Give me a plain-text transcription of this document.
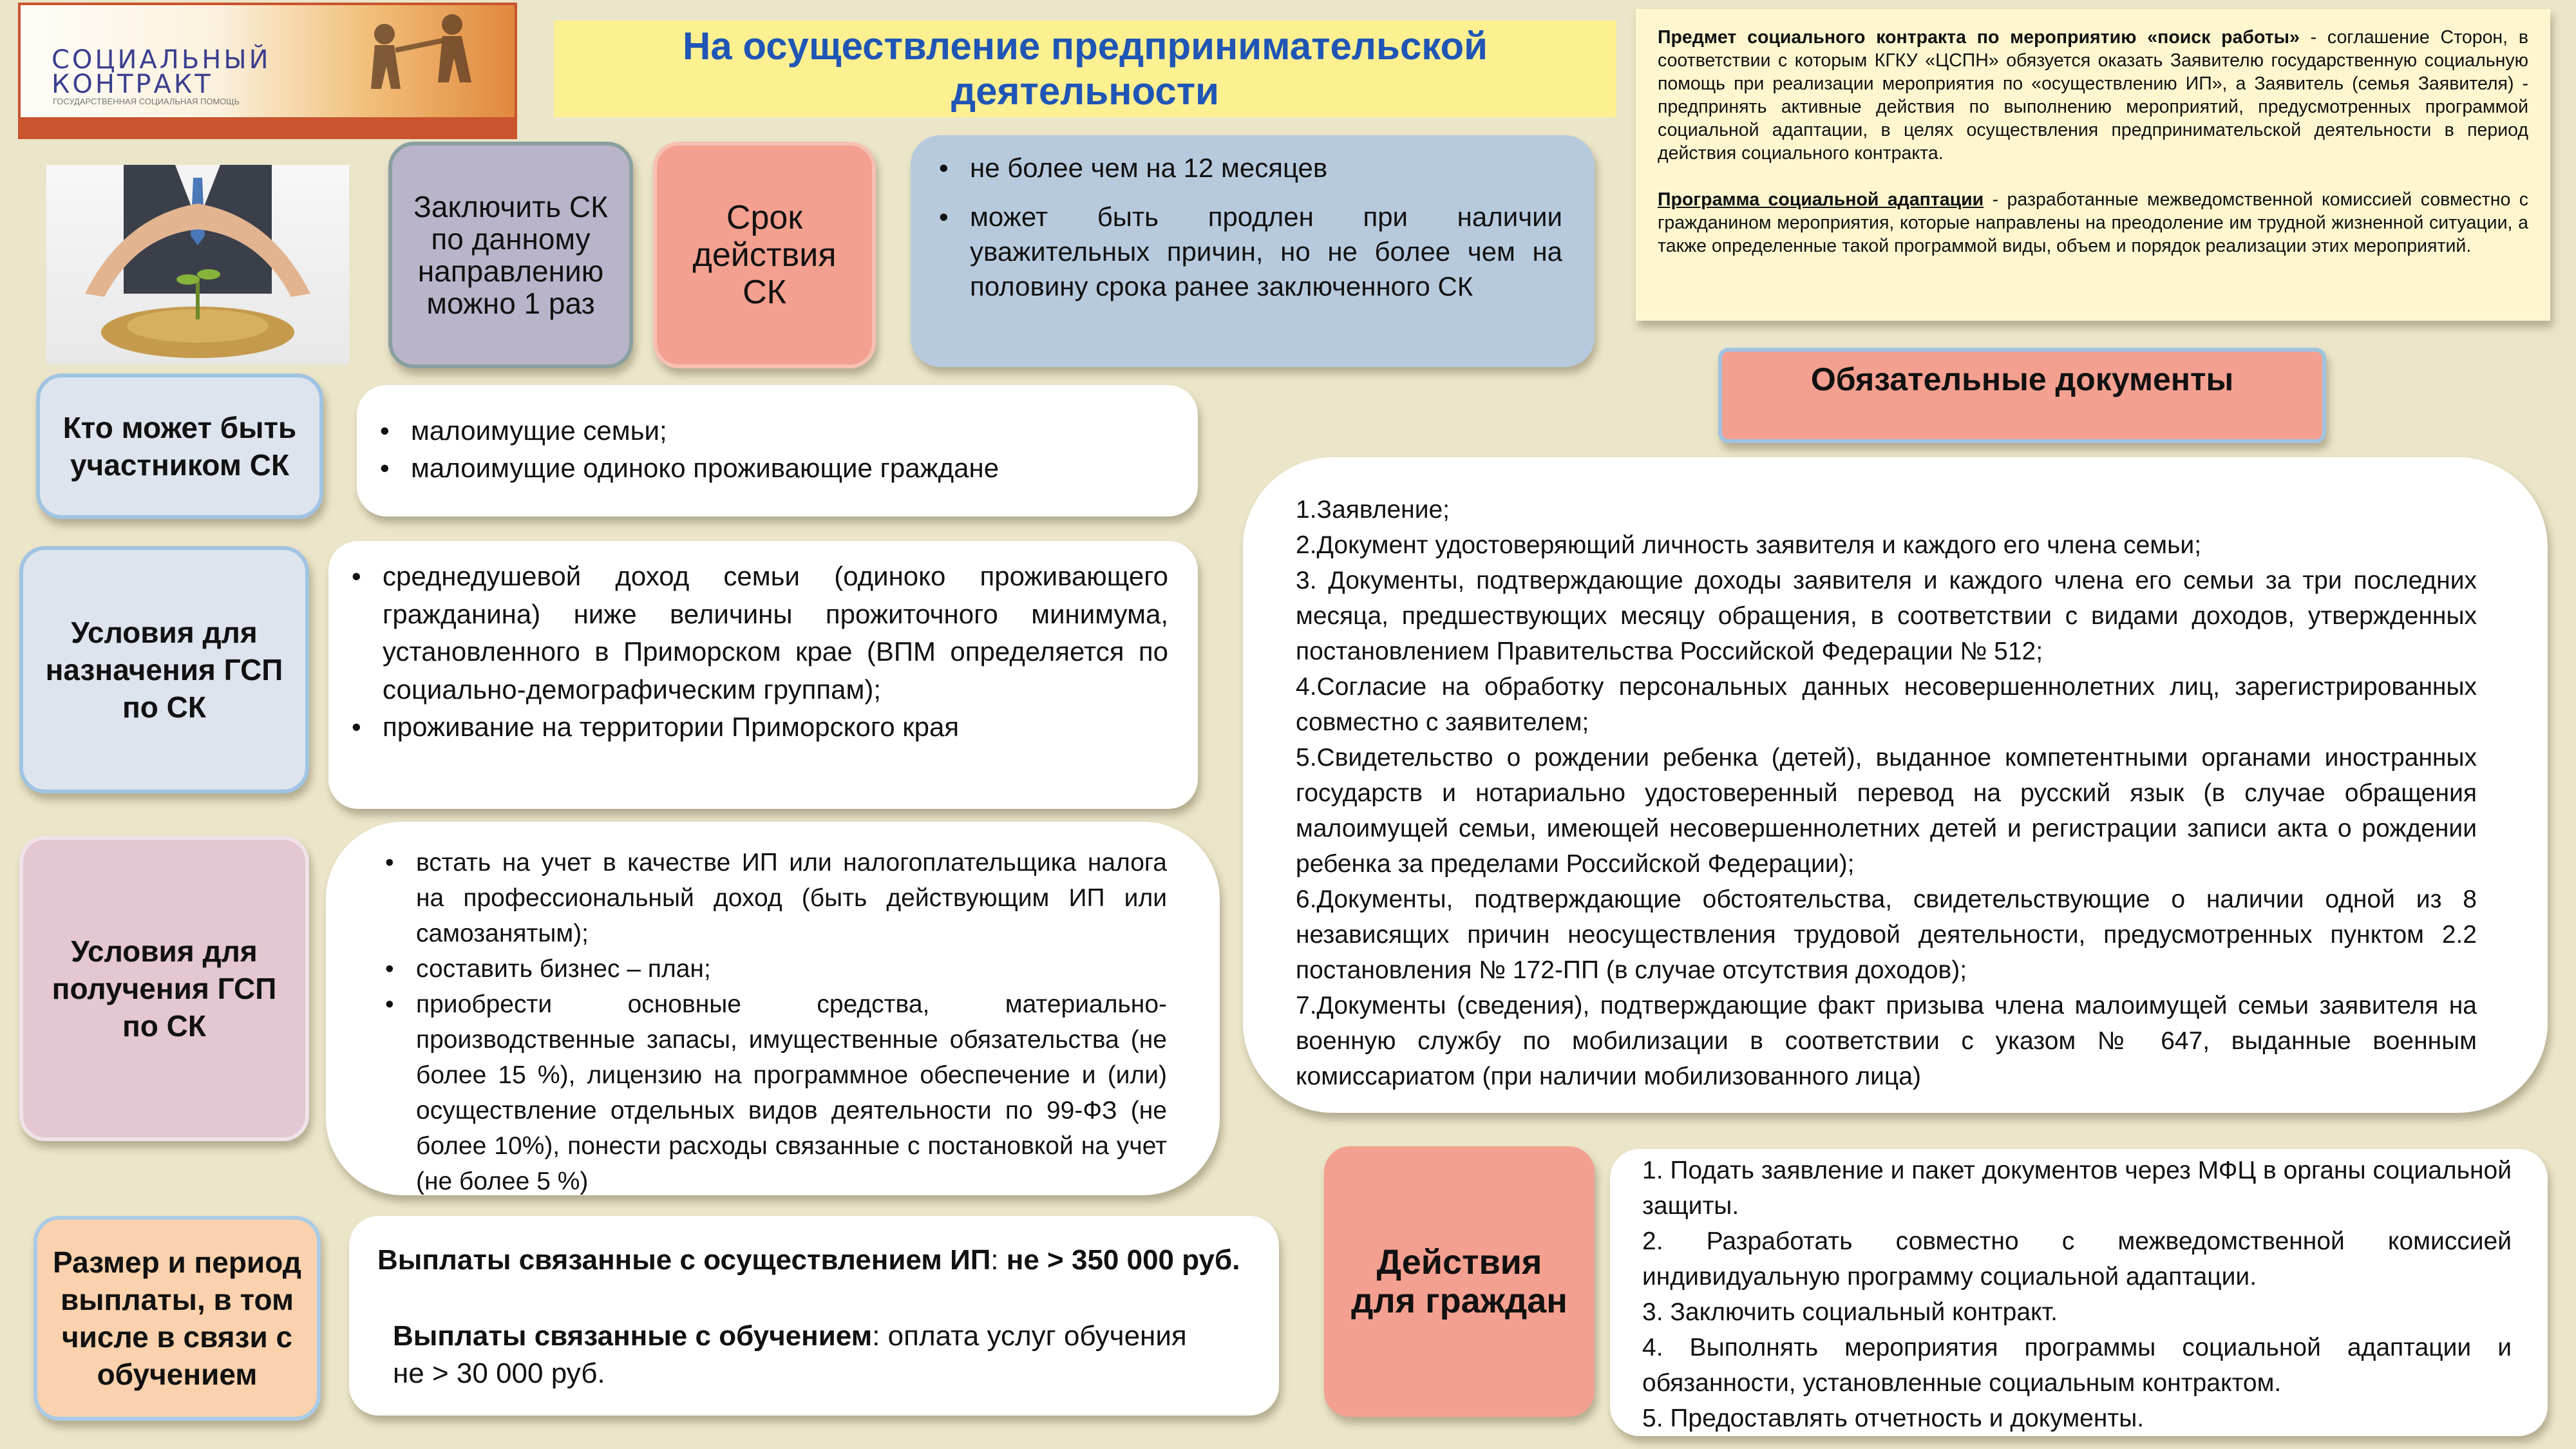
СОЦИАЛЬНЫЙ
КОНТРАКТ
ГОСУДАРСТВЕННАЯ СОЦИАЛЬНАЯ ПОМОЩЬ
На осуществление предпринимательской
деятельности

Предмет социального контракта по мероприятию «поиск работы» - соглашение Сторон, в соответствии с которым КГКУ «ЦСПН» обязуется оказать Заявителю государственную социальную помощь при реализации мероприятия по «осуществлению ИП», а Заявитель (семья Заявителя) - предпринять активные действия по выполнению мероприятий, предусмотренных программой социальной адаптации, в целях осуществления предпринимательской деятельности в период действия социального контракта.

Программа социальной адаптации - разработанные межведомственной комиссией совместно с гражданином мероприятия, которые направлены на преодоление им трудной жизненной ситуации, а также определенные такой программой виды, объем и порядок реализации этих мероприятий.

Заключить СК по данному направлению можно 1 раз
Срок действия СК
• не более чем на 12 месяцев
• может быть продлен при наличии уважительных причин, но не более чем на половину срока ранее заключенного СК
Кто может быть участником СК
• малоимущие семьи;
• малоимущие одиноко проживающие граждане
Условия для назначения ГСП по СК
• среднедушевой доход семьи (одиноко проживающего гражданина) ниже величины прожиточного минимума, установленного в Приморском крае (ВПМ определяется по социально-демографическим группам);
• проживание на территории Приморского края
Условия для получения ГСП по СК
• встать на учет в качестве ИП или налогоплательщика налога на профессиональный доход (быть действующим ИП или самозанятым);
• составить бизнес – план;
• приобрести основные средства, материально-производственные запасы, имущественные обязательства (не более 15 %), лицензию на программное обеспечение и (или) осуществление отдельных видов деятельности по 99-ФЗ (не более 10%), понести расходы связанные с постановкой на учет (не более 5 %)
Размер и период выплаты, в том числе в связи с обучением
Выплаты связанные с осуществлением ИП: не > 350 000 руб.
Выплаты связанные с обучением: оплата услуг обучения
не > 30 000 руб.
Обязательные документы
1.Заявление;
2.Документ удостоверяющий личность заявителя и каждого его члена семьи;
3. Документы, подтверждающие доходы заявителя и каждого члена его семьи за три последних месяца, предшествующих месяцу обращения, в соответствии с видами доходов, утвержденных постановлением Правительства Российской Федерации № 512;
4.Согласие на обработку персональных данных несовершеннолетних лиц, зарегистрированных совместно с заявителем;
5.Свидетельство о рождении ребенка (детей), выданное компетентными органами иностранных государств и нотариально удостоверенный перевод на русский язык (в случае обращения малоимущей семьи, имеющей несовершеннолетних детей и регистрации записи акта о рождении ребенка за пределами Российской Федерации);
6.Документы, подтверждающие обстоятельства, свидетельствующие о наличии одной из 8 независящих причин неосуществления трудовой деятельности, предусмотренных пунктом 2.2 постановления № 172-ПП (в случае отсутствия доходов);
7.Документы (сведения), подтверждающие факт призыва члена малоимущей семьи заявителя на военную службу по мобилизации в соответствии с указом № 647, выданные военным комиссариатом (при наличии мобилизованного лица)
Действия для граждан
1. Подать заявление и пакет документов через МФЦ в органы социальной защиты.
2. Разработать совместно с межведомственной комиссией индивидуальную программу социальной адаптации.
3. Заключить социальный контракт.
4. Выполнять мероприятия программы социальной адаптации и обязанности, установленные социальным контрактом.
5. Предоставлять отчетность и документы.
